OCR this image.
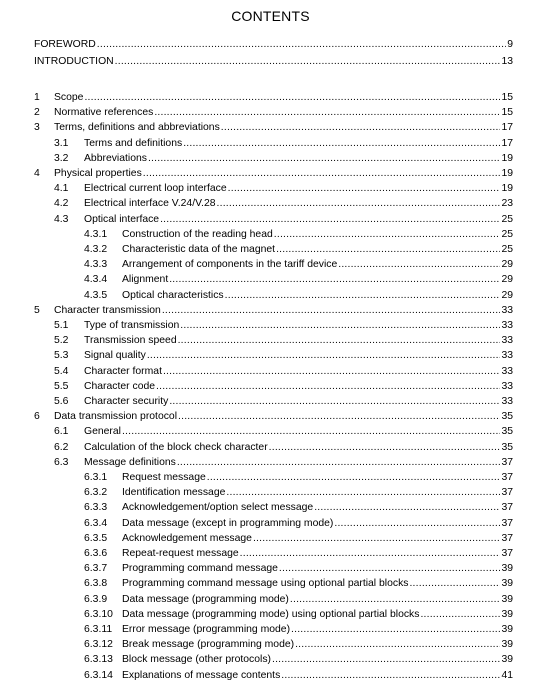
CONTENTS
FOREWORD .....	9
INTRODUCTION .....	13
1	Scope .....	15
2	Normative references .....	15
3	Terms, definitions and abbreviations .....	17
3.1	Terms and definitions .....	17
3.2	Abbreviations .....	19
4	Physical properties .....	19
4.1	Electrical current loop interface .....	19
4.2	Electrical interface V.24/V.28 .....	23
4.3	Optical interface .....	25
4.3.1	Construction of the reading head .....	25
4.3.2	Characteristic data of the magnet .....	25
4.3.3	Arrangement of components in the tariff device .....	29
4.3.4	Alignment .....	29
4.3.5	Optical characteristics .....	29
5	Character transmission .....	33
5.1	Type of transmission .....	33
5.2	Transmission speed .....	33
5.3	Signal quality .....	33
5.4	Character format .....	33
5.5	Character code .....	33
5.6	Character security .....	33
6	Data transmission protocol .....	35
6.1	General .....	35
6.2	Calculation of the block check character .....	35
6.3	Message definitions .....	37
6.3.1	Request message .....	37
6.3.2	Identification message .....	37
6.3.3	Acknowledgement/option select message .....	37
6.3.4	Data message (except in programming mode) .....	37
6.3.5	Acknowledgement message .....	37
6.3.6	Repeat-request message .....	37
6.3.7	Programming command message .....	39
6.3.8	Programming command message using optional partial blocks .....	39
6.3.9	Data message (programming mode) .....	39
6.3.10 Data message (programming mode) using optional partial blocks .....	39
6.3.11 Error message (programming mode) .....	39
6.3.12 Break message (programming mode) .....	39
6.3.13 Block message (other protocols) .....	39
6.3.14 Explanations of message contents .....	41
